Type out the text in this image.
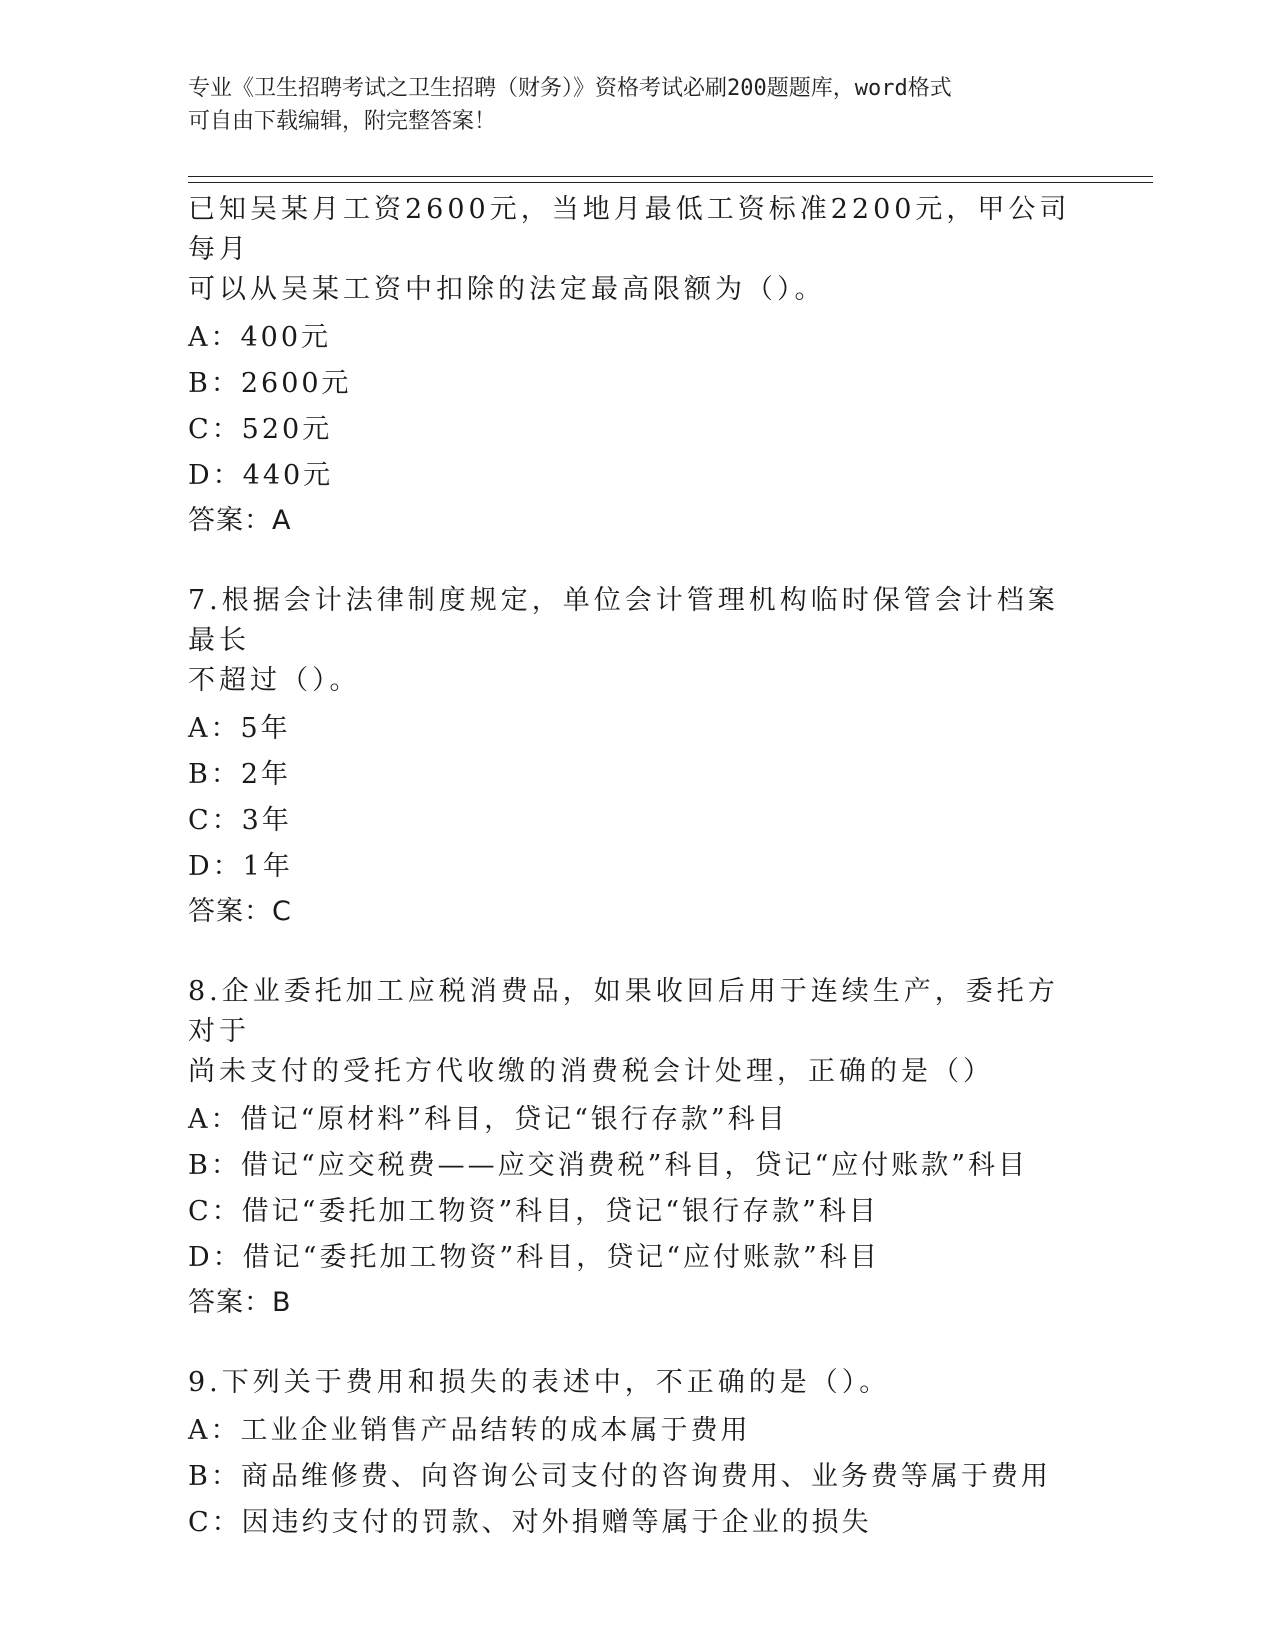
专业《卫生招聘考试之卫生招聘（财务）》资格考试必刷200题题库，word格式
可自由下载编辑，附完整答案！

已知吴某月工资2600元，当地月最低工资标准2200元，甲公司每月
可以从吴某工资中扣除的法定最高限额为（）。

A：400元

B：2600元

C：520元

D：440元

答案：A

7.根据会计法律制度规定，单位会计管理机构临时保管会计档案最长
不超过（）。

A：5年

B：2年

C：3年

D：1年

答案：C

8.企业委托加工应税消费品，如果收回后用于连续生产，委托方对于
尚未支付的受托方代收缴的消费税会计处理，正确的是（）

A：借记“原材料”科目，贷记“银行存款”科目

B：借记“应交税费——应交消费税”科目，贷记“应付账款”科目

C：借记“委托加工物资”科目，贷记“银行存款”科目

D：借记“委托加工物资”科目，贷记“应付账款”科目

答案：B

9.下列关于费用和损失的表述中，不正确的是（）。

A：工业企业销售产品结转的成本属于费用

B：商品维修费、向咨询公司支付的咨询费用、业务费等属于费用

C：因违约支付的罚款、对外捐赠等属于企业的损失
